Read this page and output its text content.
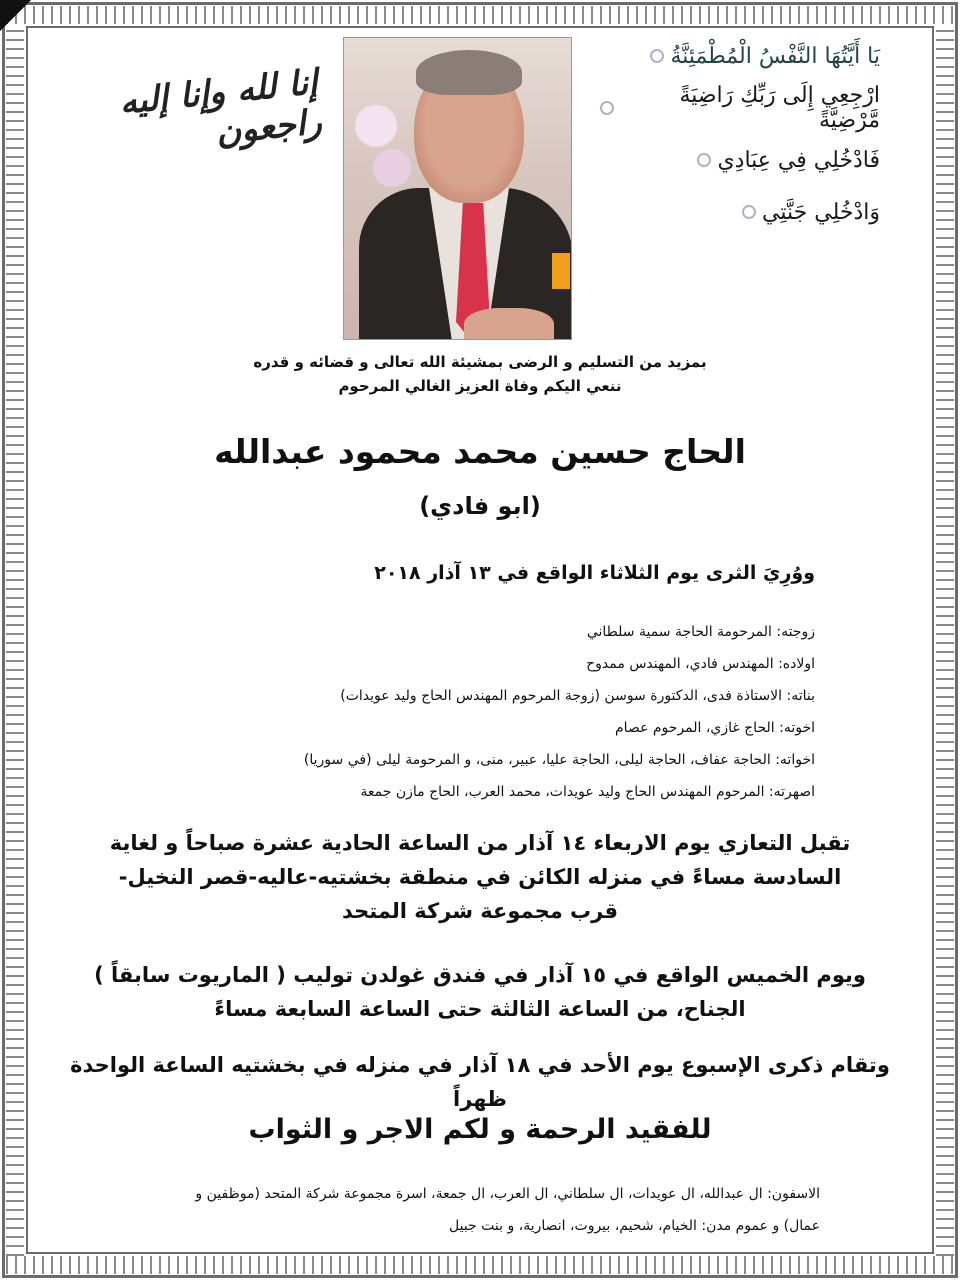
إنا لله وإنا إليه راجعون
يَا أَيَّتُهَا النَّفْسُ الْمُطْمَئِنَّةُ
ارْجِعِي إِلَى رَبِّكِ رَاضِيَةً مَّرْضِيَّةً
فَادْخُلِي فِي عِبَادِي
وَادْخُلِي جَنَّتِي
بمزيد من التسليم و الرضى بمشيئة الله تعالى و قضائه و قدره
ننعي اليكم وفاة العزيز الغالي المرحوم
الحاج حسين محمد محمود عبدالله
(ابو فادي)
ووُرِيَ الثرى يوم الثلاثاء الواقع في ١٣ آذار ٢٠١٨
زوجته: المرحومة الحاجة سمية سلطاني
اولاده: المهندس فادي، المهندس ممدوح
بناته: الاستاذة فدى، الدكتورة سوسن (زوجة المرحوم المهندس الحاج وليد عويدات)
اخوته: الحاج غازي، المرحوم عصام
اخواته: الحاجة عفاف، الحاجة ليلى، الحاجة عليا، عبير، منى، و المرحومة ليلى (في سوريا)
اصهرته: المرحوم المهندس الحاج وليد عويدات، محمد العرب، الحاج مازن جمعة
تقبل التعازي يوم الاربعاء ١٤ آذار من الساعة الحادية عشرة صباحاً و لغاية
السادسة مساءً في منزله الكائن في منطقة بخشتيه-عاليه-قصر النخيل-
قرب مجموعة شركة المتحد
ويوم الخميس الواقع في ١٥ آذار في فندق غولدن توليب ( الماريوت سابقاً )
الجناح، من الساعة الثالثة حتى الساعة السابعة مساءً
وتقام ذكرى الإسبوع يوم الأحد في ١٨ آذار في منزله في بخشتيه الساعة الواحدة ظهراً
للفقيد الرحمة و لكم الاجر و الثواب
الاسفون: ال عبدالله، ال عويدات، ال سلطاني، ال العرب، ال جمعة، اسرة مجموعة شركة المتحد (موظفين و
عمال) و عموم مدن: الخيام، شحيم، بيروت، انصارية، و بنت جبيل
